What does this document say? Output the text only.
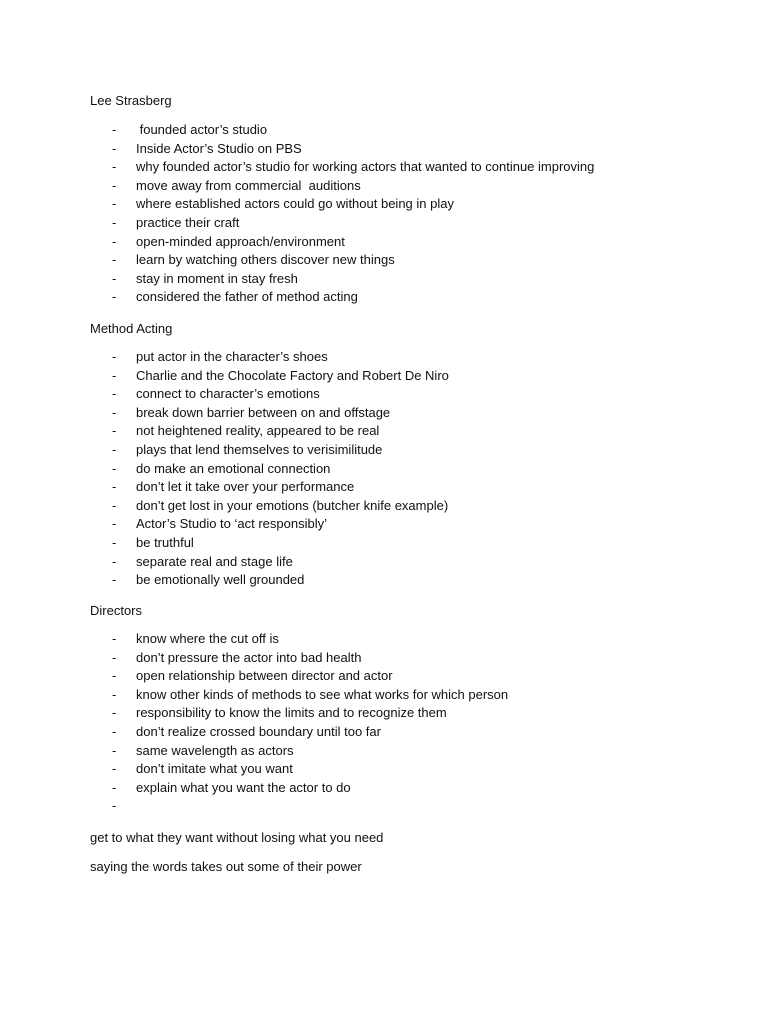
Lee Strasberg
- founded actor’s studio
- Inside Actor’s Studio on PBS
- why founded actor’s studio for working actors that wanted to continue improving
- move away from commercial  auditions
- where established actors could go without being in play
- practice their craft
- open-minded approach/environment
- learn by watching others discover new things
- stay in moment in stay fresh
- considered the father of method acting
Method Acting
- put actor in the character’s shoes
- Charlie and the Chocolate Factory and Robert De Niro
- connect to character’s emotions
- break down barrier between on and offstage
- not heightened reality, appeared to be real
- plays that lend themselves to verisimilitude
- do make an emotional connection
- don’t let it take over your performance
- don’t get lost in your emotions (butcher knife example)
- Actor’s Studio to ‘act responsibly’
- be truthful
- separate real and stage life
- be emotionally well grounded
Directors
- know where the cut off is
- don’t pressure the actor into bad health
- open relationship between director and actor
- know other kinds of methods to see what works for which person
- responsibility to know the limits and to recognize them
- don’t realize crossed boundary until too far
- same wavelength as actors
- don’t imitate what you want
- explain what you want the actor to do
-
get to what they want without losing what you need
saying the words takes out some of their power
